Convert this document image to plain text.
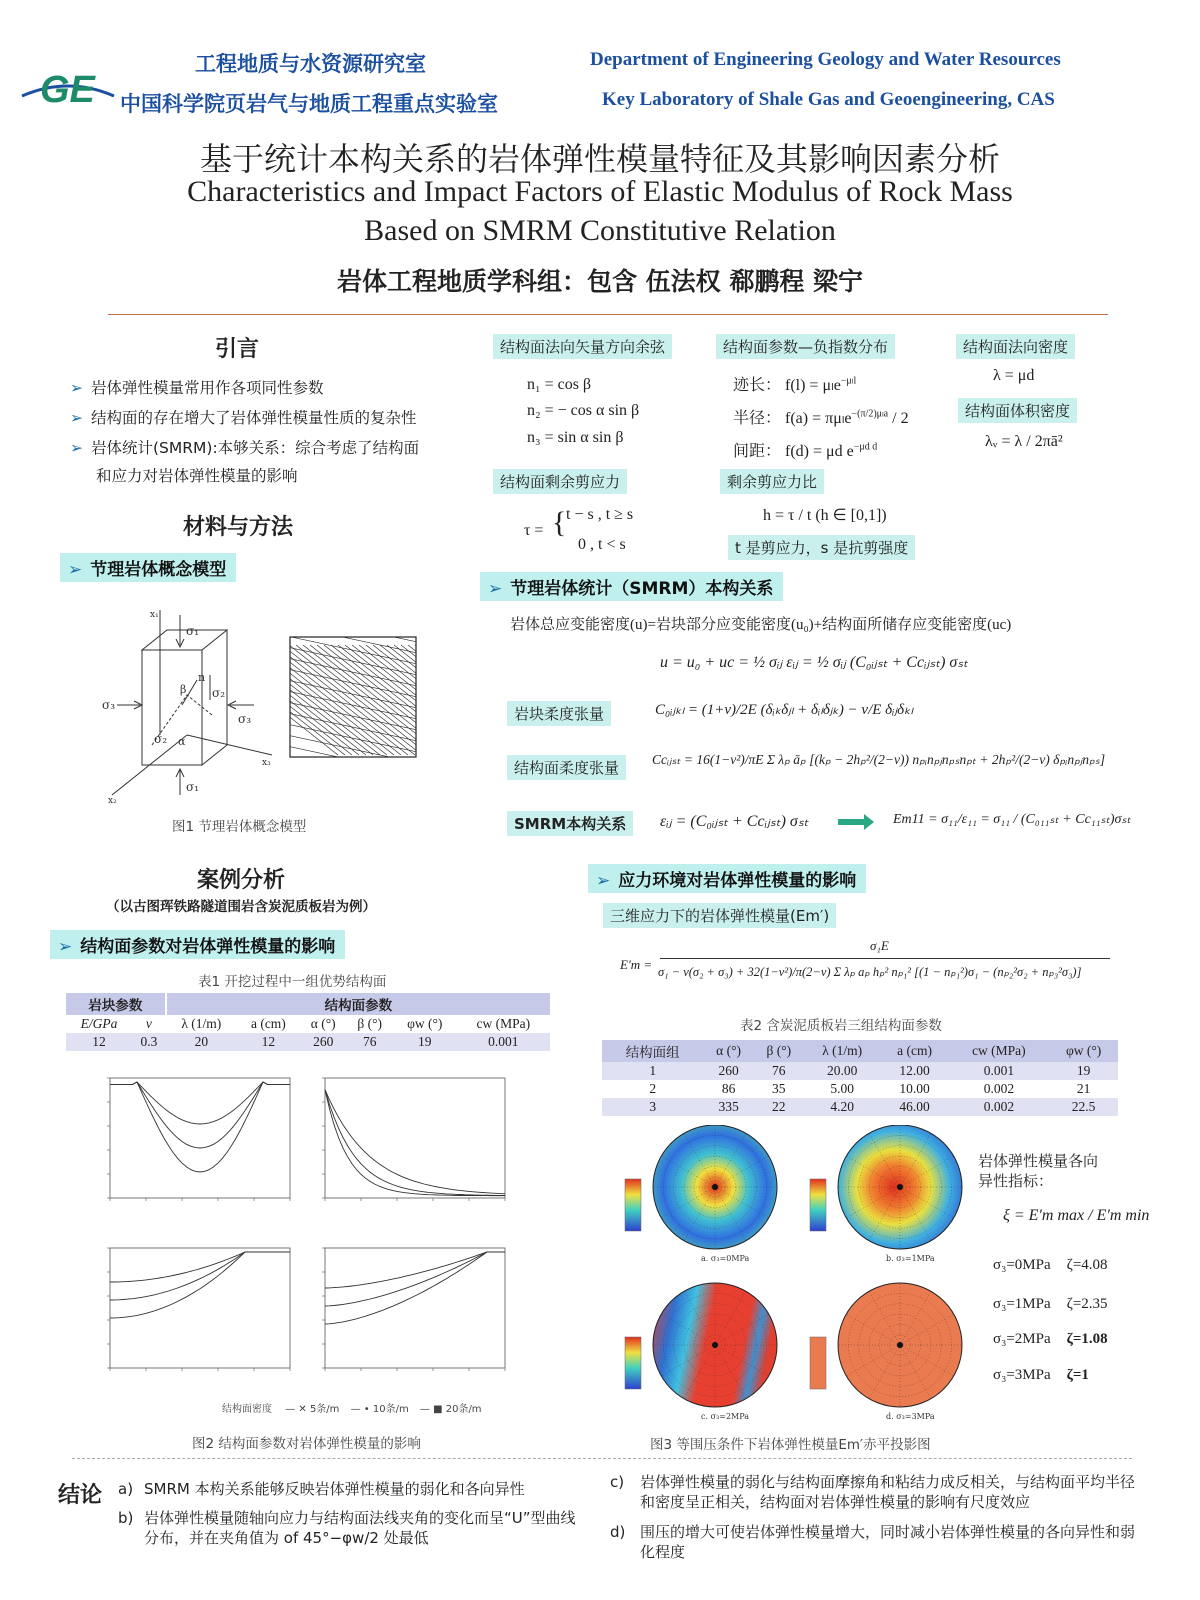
GE
工程地质与水资源研究室
中国科学院页岩气与地质工程重点实验室
Department of Engineering Geology and Water Resources
Key Laboratory of Shale Gas and Geoengineering, CAS
基于统计本构关系的岩体弹性模量特征及其影响因素分析
Characteristics and Impact Factors of Elastic Modulus of Rock Mass
Based on SMRM Constitutive Relation
岩体工程地质学科组：包含 伍法权 郗鹏程 梁宁
引言
➢ 岩体弹性模量常用作各项同性参数
➢ 结构面的存在增大了岩体弹性模量性质的复杂性
➢ 岩体统计(SMRM):本够关系：综合考虑了结构面
和应力对岩体弹性模量的影响
材料与方法
➢ 节理岩体概念模型
x₁
x₂
x₃
σ₁
σ₁
σ₃
σ₃
σ₂
σ₂
β
n
α
图1 节理岩体概念模型
结构面法向矢量方向余弦
n₁ = cos β
n₂ = − cos α sin β
n₃ = sin α sin β
结构面参数—负指数分布
迹长： f(l) = μₗe$^{-\mu_ll}$
半径： f(a) = πμₗe$^{-(\pi/2)\mu_la}$ / 2
间距： f(d) = μd $e^{-\mu d d}$
结构面法向密度
λ = μd
结构面体积密度
λᵥ = λ / 2πā²
结构面剩余剪应力
τ = { t − s , t ≥ s
0 , t < s
剩余剪应力比
h = τ / t (h ∈ [0,1])
t 是剪应力，s 是抗剪强度
➢ 节理岩体统计（SMRM）本构关系
岩体总应变能密度(u)=岩块部分应变能密度(u₀)+结构面所储存应变能密度(uc)
u = u₀ + uc = ½ σᵢⱼ εᵢⱼ = ½ σᵢⱼ (C₀ᵢⱼₛₜ + Ccᵢⱼₛₜ) σₛₜ
岩块柔度张量	C₀ᵢⱼₖₗ = (1+ν)/2E (δᵢₖδⱼₗ + δᵢₗδⱼₖ) − ν/E δᵢⱼδₖₗ
结构面柔度张量	Ccᵢⱼₛₜ = 16(1−ν²)/πE Σ λₚ āₚ [(kₚ − 2hₚ²/(2−ν)) nₚᵢnₚⱼnₚₛnₚₜ + 2hₚ²/(2−ν) δₚᵢnₚⱼnₚₛ]
SMRM本构关系	εᵢⱼ = (C₀ᵢⱼₛₜ + Ccᵢⱼₛₜ) σₛₜ	Em11 = σ₁₁/ε₁₁ = σ₁₁ / (C₀₁₁ₛₜ + Cc₁₁ₛₜ)σₛₜ
案例分析
（以古图珲铁路隧道围岩含炭泥质板岩为例）
➢ 结构面参数对岩体弹性模量的影响
表1 开挖过程中一组优势结构面
岩块参数		结构面参数					
E/GPa	ν	λ (1/m)	a (cm)	α (°)	β (°)	φw (°)	cw (MPa)
12	0.3	20	12	260	76	19	0.001
结构面密度 — ✕ 5条/m — • 10条/m — ■ 20条/m
图2 结构面参数对岩体弹性模量的影响
➢ 应力环境对岩体弹性模量的影响
三维应力下的岩体弹性模量(Em′)
σ₁E
E′m = σ₁ − ν(σ₂ + σ₃) + 32(1−ν²)/π(2−ν) Σ λₚ aₚ hₚ² nₚ₁² [(1 − nₚ₁²)σ₁ − (nₚ₂²σ₂ + nₚ₃²σ₃)]
表2 含炭泥质板岩三组结构面参数
结构面组	α (°)	β (°)	λ (1/m)	a (cm)	cw (MPa)	φw (°)
1	260	76	20.00	12.00	0.001	19
2	86	35	5.00	10.00	0.002	21
3	335	22	4.20	46.00	0.002	22.5
a. σ₃=0MPa	b. σ₃=1MPa
c. σ₃=2MPa	d. σ₃=3MPa
岩体弹性模量各向
异性指标：
ξ = E′m max / E′m min
σ₃=0MPa ζ=4.08
σ₃=1MPa ζ=2.35
σ₃=2MPa ζ=1.08
σ₃=3MPa ζ=1
图3 等围压条件下岩体弹性模量Em′赤平投影图
结论 a) SMRM 本构关系能够反映岩体弹性模量的弱化和各向异性
b) 岩体弹性模量随轴向应力与结构面法线夹角的变化而呈“U”型曲线分布，并在夹角值为 of 45°−φw/2 处最低
c)	岩体弹性模量的弱化与结构面摩擦角和粘结力成反相关，与结构面平均半径和密度呈正相关，结构面对岩体弹性模量的影响有尺度效应
d) 围压的增大可使岩体弹性模量增大，同时减小岩体弹性模量的各向异性和弱化程度
